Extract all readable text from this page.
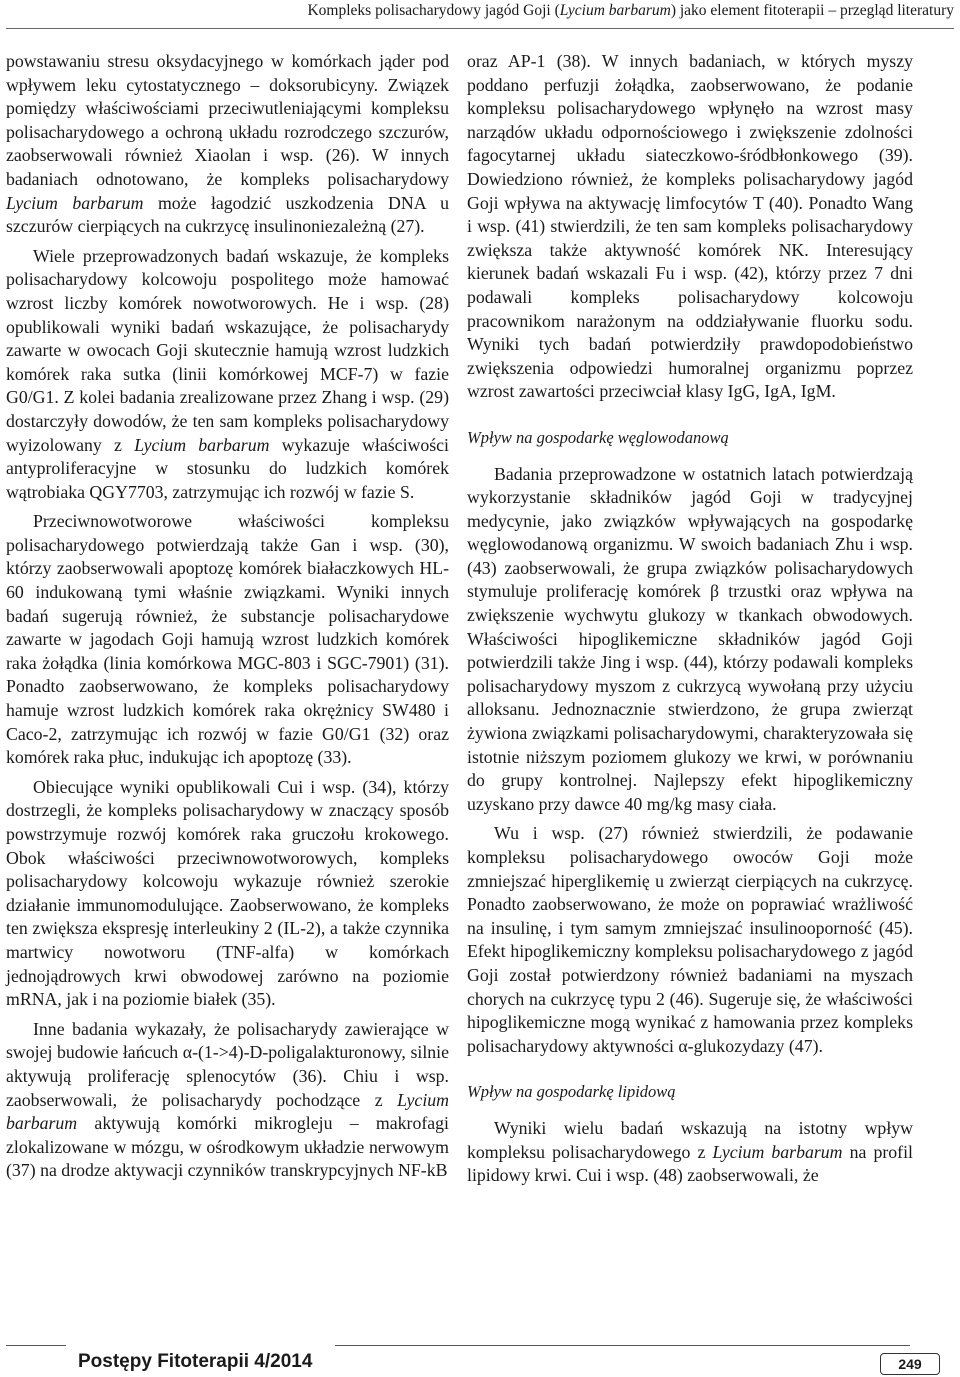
Kompleks polisacharydowy jagód Goji (Lycium barbarum) jako element fitoterapii – przegląd literatury

powstawaniu stresu oksydacyjnego w komórkach jąder pod wpływem leku cytostatycznego – doksorubicyny. Związek pomiędzy właściwościami przeciwutleniającymi kompleksu polisacharydowego a ochroną układu rozrodczego szczurów, zaobserwowali również Xiaolan i wsp. (26). W innych badaniach odnotowano, że kompleks polisacharydowy Lycium barbarum może łagodzić uszkodzenia DNA u szczurów cierpiących na cukrzycę insulinoniezależną (27).

Wiele przeprowadzonych badań wskazuje, że kompleks polisacharydowy kolcowoju pospolitego może hamować wzrost liczby komórek nowotworowych. He i wsp. (28) opublikowali wyniki badań wskazujące, że polisacharydy zawarte w owocach Goji skutecznie hamują wzrost ludzkich komórek raka sutka (linii komórkowej MCF-7) w fazie G0/G1. Z kolei badania zrealizowane przez Zhang i wsp. (29) dostarczyły dowodów, że ten sam kompleks polisacharydowy wyizolowany z Lycium barbarum wykazuje właściwości antyproliferacyjne w stosunku do ludzkich komórek wątrobiaka QGY7703, zatrzymując ich rozwój w fazie S.

Przeciwnowotworowe właściwości kompleksu polisacharydowego potwierdzają także Gan i wsp. (30), którzy zaobserwowali apoptozę komórek białaczkowych HL-60 indukowaną tymi właśnie związkami. Wyniki innych badań sugerują również, że substancje polisacharydowe zawarte w jagodach Goji hamują wzrost ludzkich komórek raka żołądka (linia komórkowa MGC-803 i SGC-7901) (31). Ponadto zaobserwowano, że kompleks polisacharydowy hamuje wzrost ludzkich komórek raka okrężnicy SW480 i Caco-2, zatrzymując ich rozwój w fazie G0/G1 (32) oraz komórek raka płuc, indukując ich apoptozę (33).

Obiecujące wyniki opublikowali Cui i wsp. (34), którzy dostrzegli, że kompleks polisacharydowy w znaczący sposób powstrzymuje rozwój komórek raka gruczołu krokowego. Obok właściwości przeciwnowotworowych, kompleks polisacharydowy kolcowoju wykazuje również szerokie działanie immunomodulujące. Zaobserwowano, że kompleks ten zwiększa ekspresję interleukiny 2 (IL-2), a także czynnika martwicy nowotworu (TNF-alfa) w komórkach jednojądrowych krwi obwodowej zarówno na poziomie mRNA, jak i na poziomie białek (35).

Inne badania wykazały, że polisacharydy zawierające w swojej budowie łańcuch α-(1->4)-D-poligalakturonowy, silnie aktywują proliferację splenocytów (36). Chiu i wsp. zaobserwowali, że polisacharydy pochodzące z Lycium barbarum aktywują komórki mikrogleju – makrofagi zlokalizowane w mózgu, w ośrodkowym układzie nerwowym (37) na drodze aktywacji czynników transkrypcyjnych NF-kB

oraz AP-1 (38). W innych badaniach, w których myszy poddano perfuzji żołądka, zaobserwowano, że podanie kompleksu polisacharydowego wpłynęło na wzrost masy narządów układu odpornościowego i zwiększenie zdolności fagocytarnej układu siateczkowo-śródbłonkowego (39). Dowiedziono również, że kompleks polisacharydowy jagód Goji wpływa na aktywację limfocytów T (40). Ponadto Wang i wsp. (41) stwierdzili, że ten sam kompleks polisacharydowy zwiększa także aktywność komórek NK. Interesujący kierunek badań wskazali Fu i wsp. (42), którzy przez 7 dni podawali kompleks polisacharydowy kolcowoju pracownikom narażonym na oddziaływanie fluorku sodu. Wyniki tych badań potwierdziły prawdopodobieństwo zwiększenia odpowiedzi humoralnej organizmu poprzez wzrost zawartości przeciwciał klasy IgG, IgA, IgM.

Wpływ na gospodarkę węglowodanową

Badania przeprowadzone w ostatnich latach potwierdzają wykorzystanie składników jagód Goji w tradycyjnej medycynie, jako związków wpływających na gospodarkę węglowodanową organizmu. W swoich badaniach Zhu i wsp. (43) zaobserwowali, że grupa związków polisacharydowych stymuluje proliferację komórek β trzustki oraz wpływa na zwiększenie wychwytu glukozy w tkankach obwodowych. Właściwości hipoglikemiczne składników jagód Goji potwierdzili także Jing i wsp. (44), którzy podawali kompleks polisacharydowy myszom z cukrzycą wywołaną przy użyciu alloksanu. Jednoznacznie stwierdzono, że grupa zwierząt żywiona związkami polisacharydowymi, charakteryzowała się istotnie niższym poziomem glukozy we krwi, w porównaniu do grupy kontrolnej. Najlepszy efekt hipoglikemiczny uzyskano przy dawce 40 mg/kg masy ciała.

Wu i wsp. (27) również stwierdzili, że podawanie kompleksu polisacharydowego owoców Goji może zmniejszać hiperglikemię u zwierząt cierpiących na cukrzycę. Ponadto zaobserwowano, że może on poprawiać wrażliwość na insulinę, i tym samym zmniejszać insulinooporność (45). Efekt hipoglikemiczny kompleksu polisacharydowego z jagód Goji został potwierdzony również badaniami na myszach chorych na cukrzycę typu 2 (46). Sugeruje się, że właściwości hipoglikemiczne mogą wynikać z hamowania przez kompleks polisacharydowy aktywności α-glukozydazy (47).

Wpływ na gospodarkę lipidową

Wyniki wielu badań wskazują na istotny wpływ kompleksu polisacharydowego z Lycium barbarum na profil lipidowy krwi. Cui i wsp. (48) zaobserwowali, że

Postępy Fitoterapii 4/2014	249
